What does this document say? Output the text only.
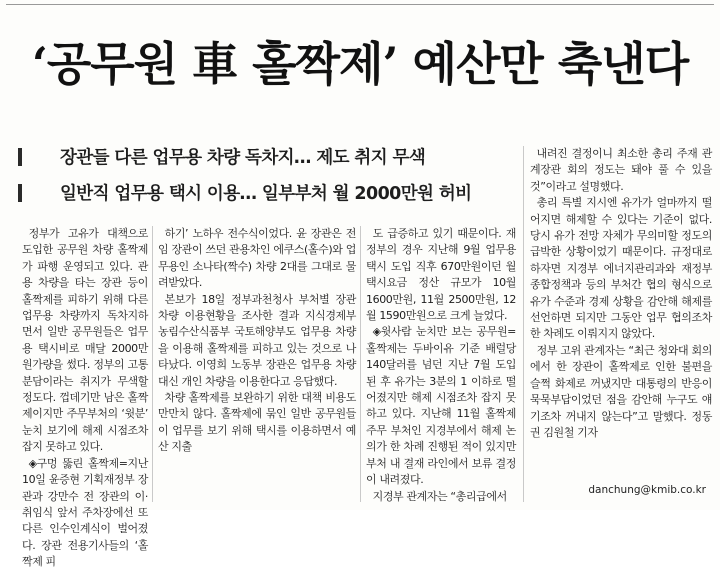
‘공무원 車 홀짝제’ 예산만 축낸다
장관들 다른 업무용 차량 독차지… 제도 취지 무색
일반직 업무용 택시 이용… 일부부처 월 2000만원 허비

정부가 고유가 대책으로 도입한 공무원 차량 홀짝제가 파행 운영되고 있다. 관용 차량을 타는 장관 등이 홀짝제를 피하기 위해 다른 업무용 차량까지 독차지하면서 일반 공무원들은 업무용 택시비로 매달 2000만원가량을 썼다. 정부의 고통분담이라는 취지가 무색할 정도다. 껍데기만 남은 홀짝제이지만 주무부처의 ‘윗분’ 눈치 보기에 해제 시점조차 잡지 못하고 있다.

◈구멍 뚫린 홀짝제=지난 10일 윤증현 기획재정부 장관과 강만수 전 장관의 이·취임식 앞서 주차장에선 또다른 인수인계식이 벌어졌다. 장관 전용기사들의 ‘홀짝제 피

하기’ 노하우 전수식이었다. 윤 장관은 전임 장관이 쓰던 관용차인 에쿠스(홀수)와 업무용인 소나타(짝수) 차량 2대를 그대로 물려받았다.

본보가 18일 정부과천청사 부처별 장관 차량 이용현황을 조사한 결과 지식경제부 농림수산식품부 국토해양부도 업무용 차량을 이용해 홀짝제를 피하고 있는 것으로 나타났다. 이영희 노동부 장관은 업무용 차량 대신 개인 차량을 이용한다고 응답했다.

차량 홀짝제를 보완하기 위한 대책 비용도 만만치 않다. 홀짝제에 묶인 일반 공무원들이 업무를 보기 위해 택시를 이용하면서 예산 지출

도 급증하고 있기 때문이다. 재정부의 경우 지난해 9월 업무용 택시 도입 직후 670만원이던 월 택시요금 정산 규모가 10월 1600만원, 11월 2500만원, 12월 1590만원으로 크게 늘었다.

◈윗사람 눈치만 보는 공무원=홀짝제는 두바이유 기준 배럴당 140달러를 넘던 지난 7월 도입된 후 유가는 3분의 1 이하로 떨어졌지만 해제 시점조차 잡지 못하고 있다. 지난해 11월 홀짝제 주무 부처인 지경부에서 해제 논의가 한 차례 진행된 적이 있지만 부처 내 결재 라인에서 보류 결정이 내려졌다.

지경부 관계자는 “총리급에서

내려진 결정이니 최소한 총리 주재 관계장관 회의 정도는 돼야 풀 수 있을 것”이라고 설명했다.

총리 특별 지시엔 유가가 얼마까지 떨어지면 해제할 수 있다는 기준이 없다. 당시 유가 전망 자체가 무의미할 정도의 급박한 상황이었기 때문이다. 규정대로 하자면 지경부 에너지관리과와 재정부 종합정책과 등의 부처간 협의 형식으로 유가 수준과 경제 상황을 감안해 해제를 선언하면 되지만 그동안 업무 협의조차 한 차례도 이뤄지지 않았다.

정부 고위 관계자는 “최근 청와대 회의에서 한 장관이 홀짝제로 인한 불편을 슬쩍 화제로 꺼냈지만 대통령의 반응이 묵묵부답이었던 점을 감안해 누구도 얘기조차 꺼내지 않는다”고 말했다. 정동권 김원철 기자

danchung@kmib.co.kr
